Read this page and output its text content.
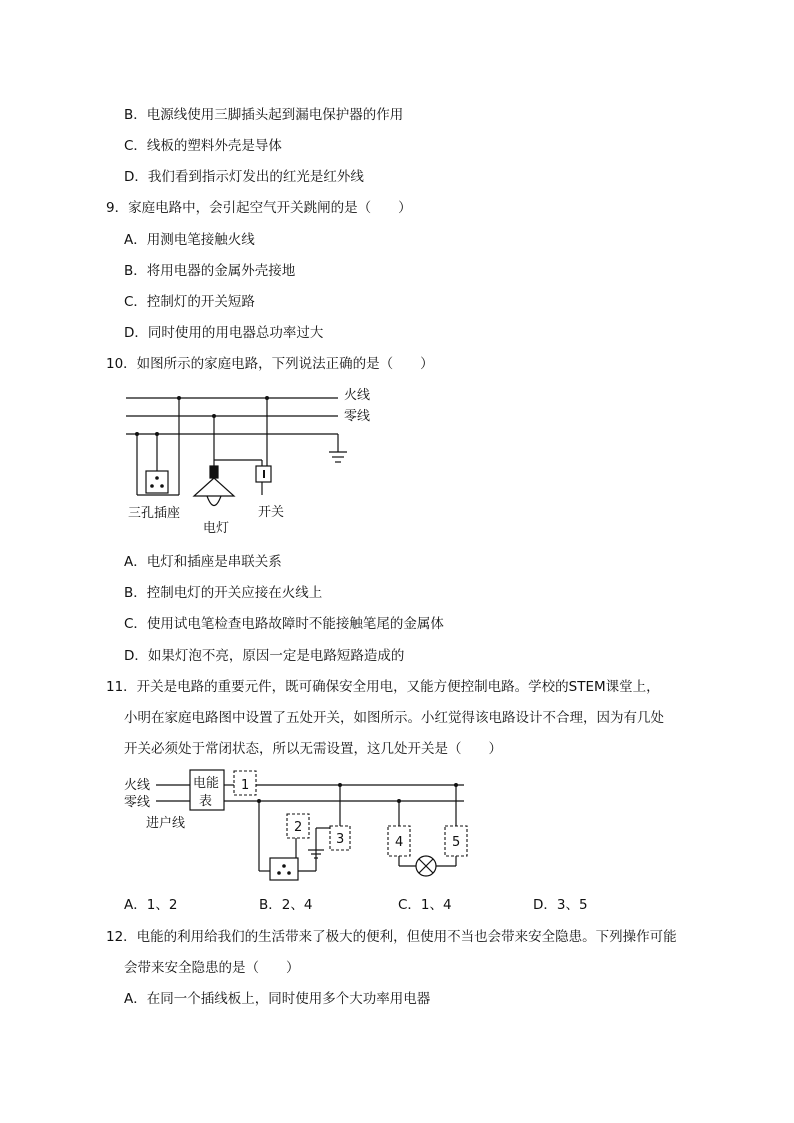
B．电源线使用三脚插头起到漏电保护器的作用
C．线板的塑料外壳是导体
D．我们看到指示灯发出的红光是红外线
9．家庭电路中，会引起空气开关跳闸的是（　　）
A．用测电笔接触火线
B．将用电器的金属外壳接地
C．控制灯的开关短路
D．同时使用的用电器总功率过大
10．如图所示的家庭电路，下列说法正确的是（　　）
火线
零线
三孔插座
电灯
开关
A．电灯和插座是串联关系
B．控制电灯的开关应接在火线上
C．使用试电笔检查电路故障时不能接触笔尾的金属体
D．如果灯泡不亮，原因一定是电路短路造成的
11．开关是电路的重要元件，既可确保安全用电，又能方便控制电路。学校的STEM课堂上，
小明在家庭电路图中设置了五处开关，如图所示。小红觉得该电路设计不合理，因为有几处
开关必须处于常闭状态，所以无需设置，这几处开关是（　　）
火线
零线
电能
表
进户线
1
2
3	4	5
A．1、2	B．2、4	C．1、4	D．3、5
12．电能的利用给我们的生活带来了极大的便利，但使用不当也会带来安全隐患。下列操作可能
会带来安全隐患的是（　　）
A．在同一个插线板上，同时使用多个大功率用电器
